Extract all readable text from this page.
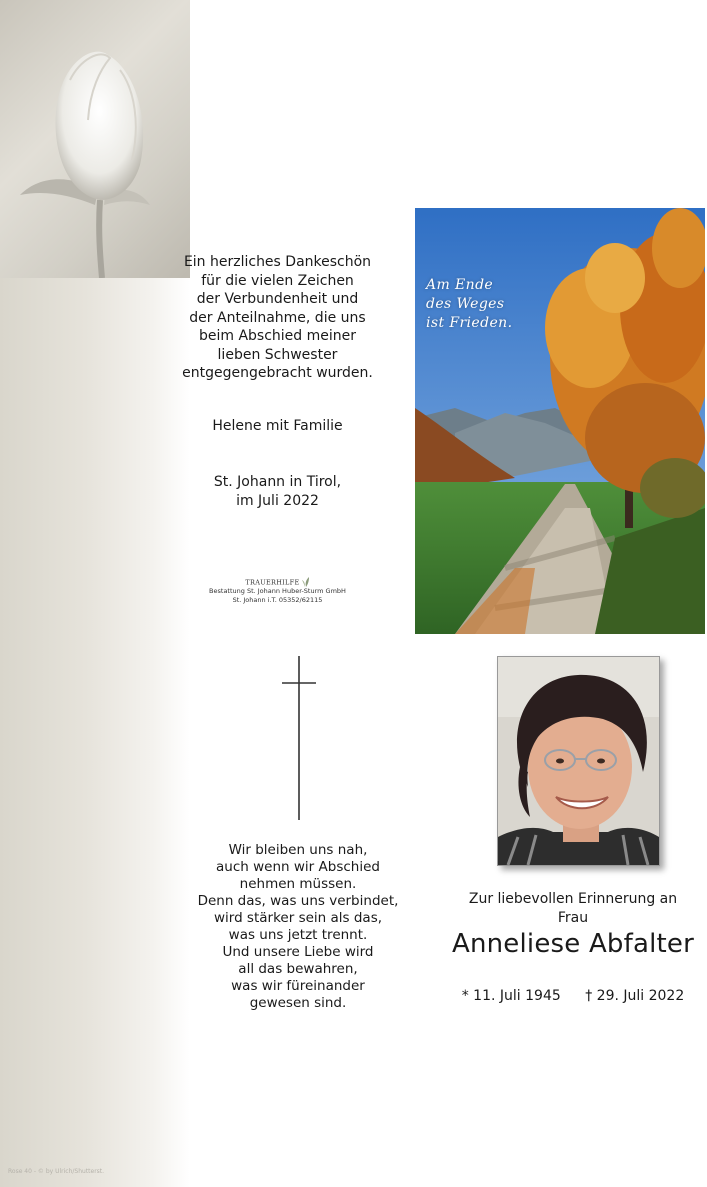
Rose 40 - © by Ulrich/Shutterst.

Ein herzliches Dankeschön

für die vielen Zeichen

der Verbundenheit und

der Anteilnahme, die uns

beim Abschied meiner

lieben Schwester

entgegengebracht wurden.

Helene mit Familie
St. Johann in Tirol,
im Juli 2022
TRAUERHILFE
Bestattung St. Johann Huber-Sturm GmbH
St. Johann i.T. 05352/62115
Am Ende
des Weges
ist Frieden.
Wir bleiben uns nah,
auch wenn wir Abschied
nehmen müssen.
Denn das, was uns verbindet,
wird stärker sein als das,
was uns jetzt trennt.
Und unsere Liebe wird
all das bewahren,
was wir füreinander
gewesen sind.
Zur liebevollen Erinnerung an
Frau
Anneliese Abfalter
* 11. Juli 1945 † 29. Juli 2022
